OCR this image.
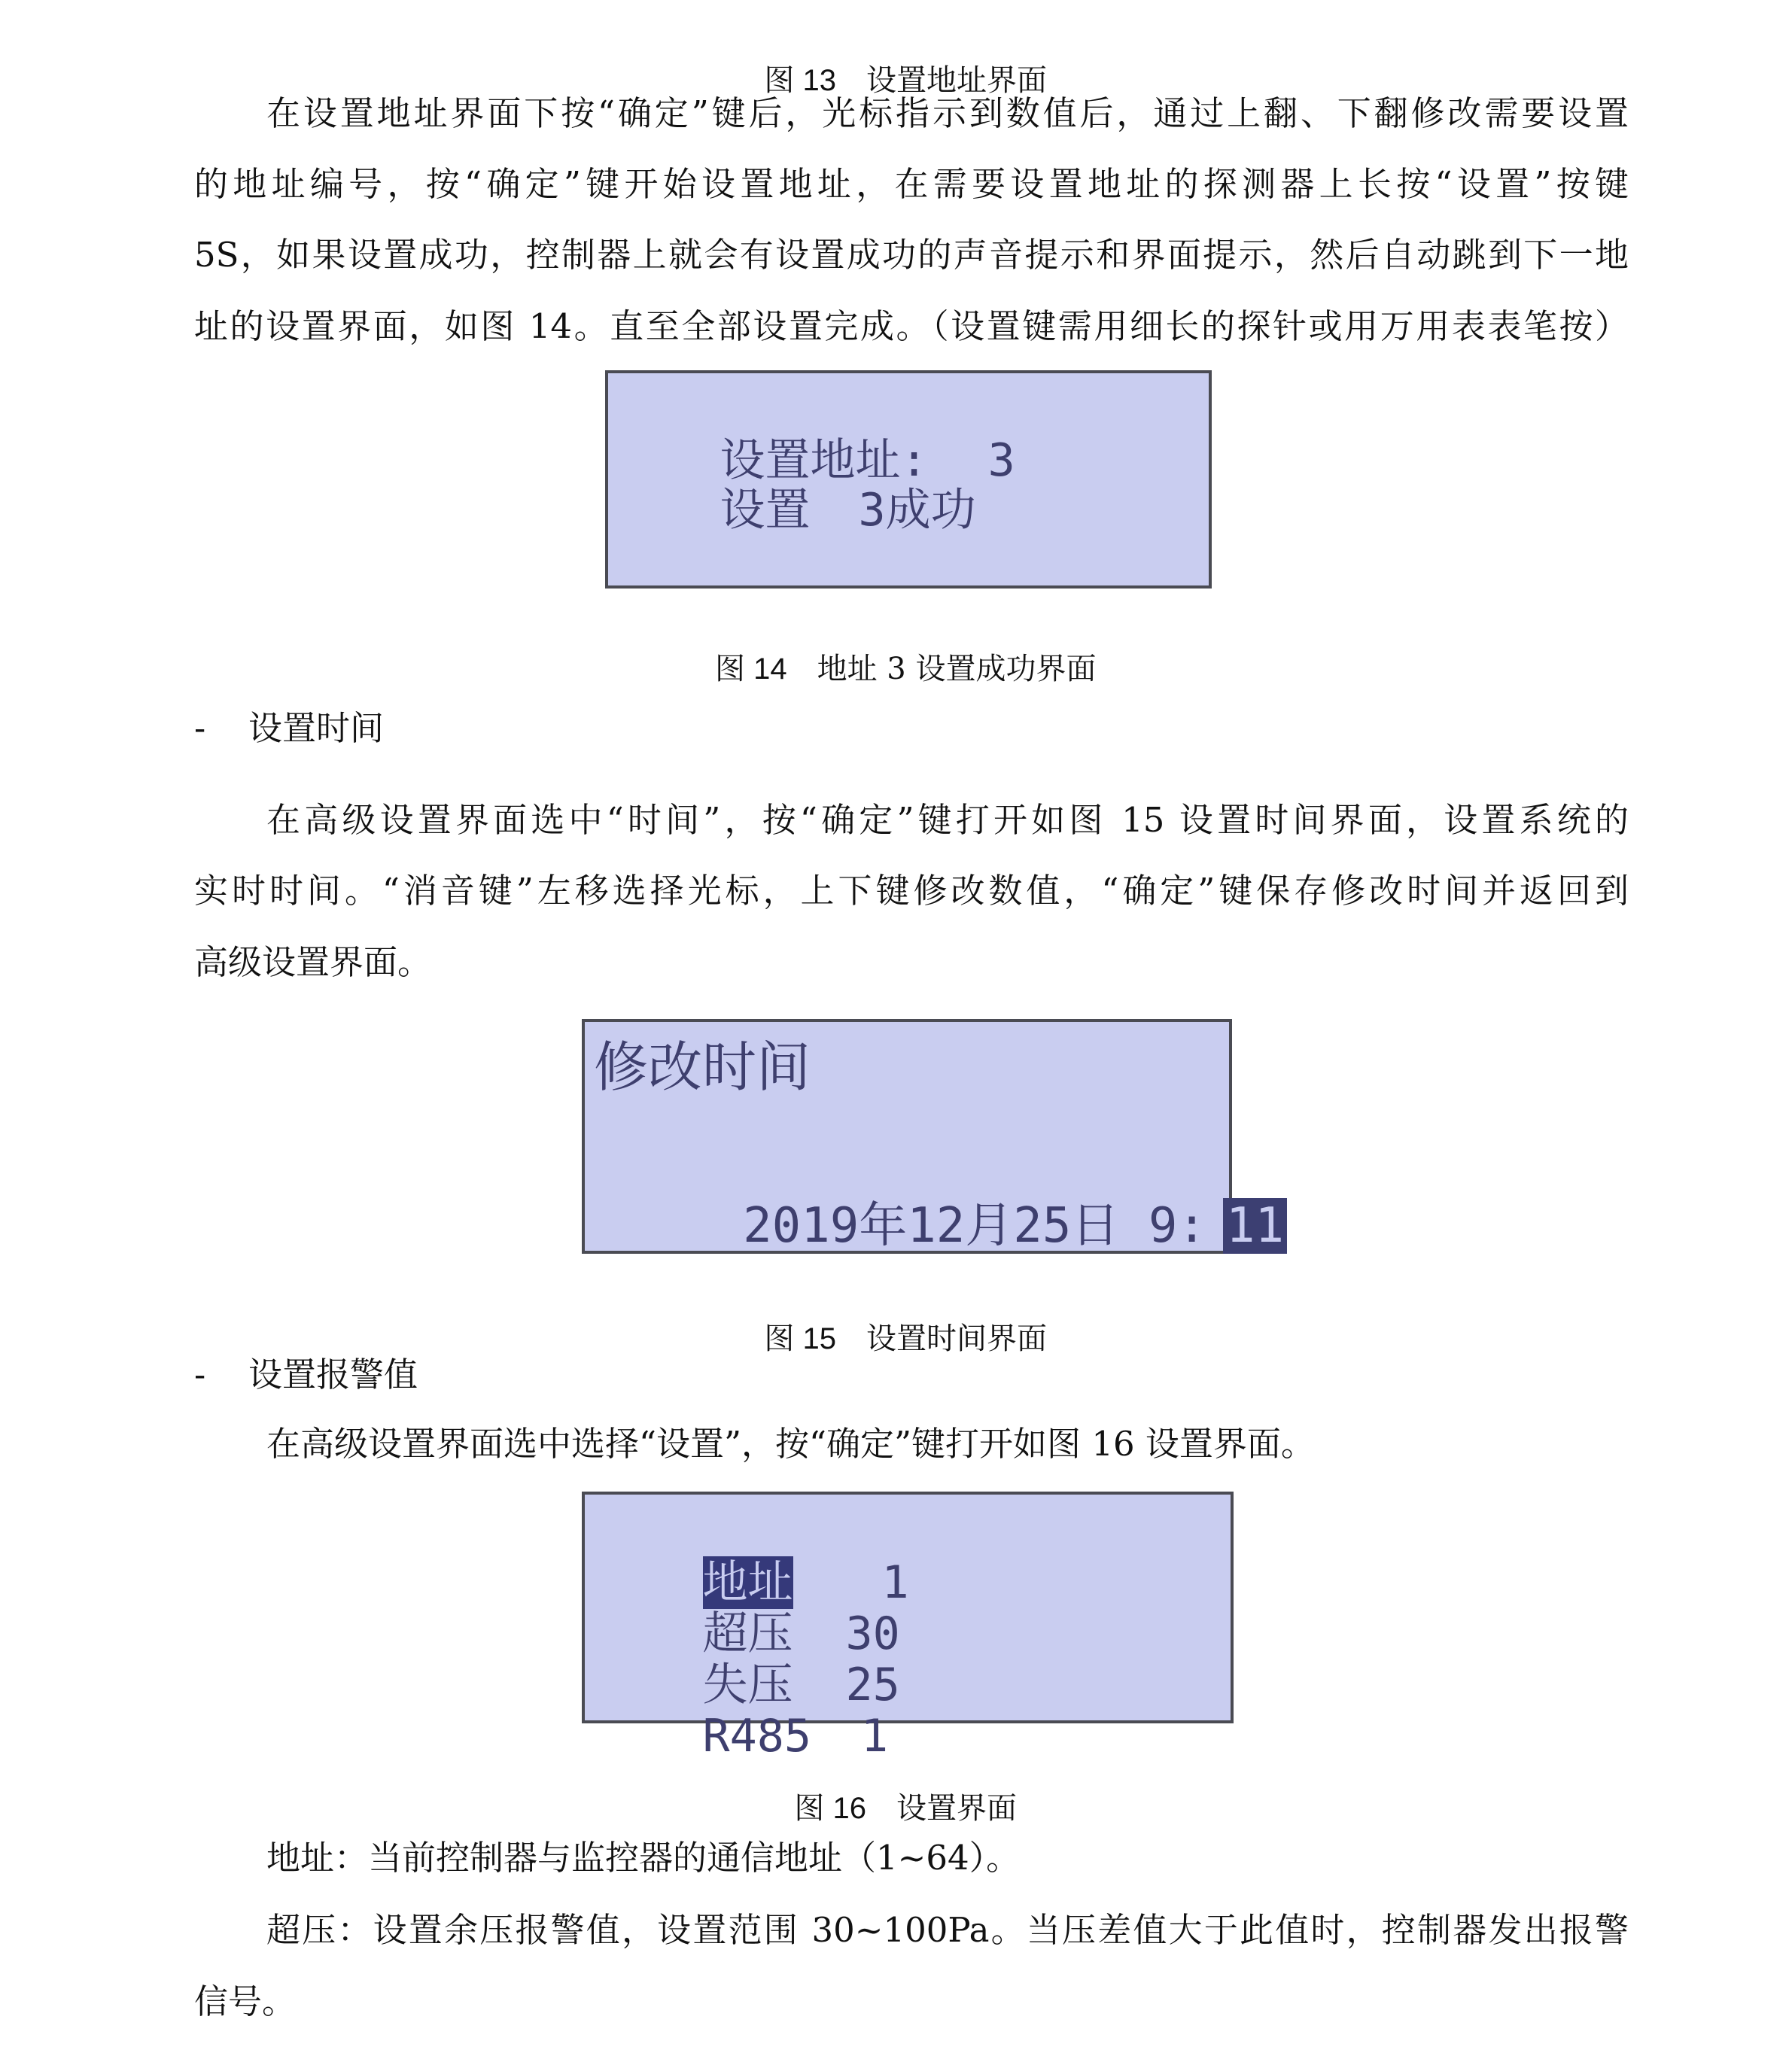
图 13　 设置地址界面

在设置地址界面下按“确定”键后，光标指示到数值后，通过上翻、下翻修改需要设置
的地址编号，按“确定”键开始设置地址，在需要设置地址的探测器上长按“设置”按键
5S，如果设置成功，控制器上就会有设置成功的声音提示和界面提示，然后自动跳到下一地
址的设置界面，如图 14。直至全部设置完成。（设置键需用细长的探针或用万用表表笔按）

设置地址: 3

设置 3成功

图 14　 地址 3 设置成功界面

- 设置时间
在高级设置界面选中“时间”，按“确定”键打开如图 15 设置时间界面，设置系统的
实时时间。“消音键”左移选择光标，上下键修改数值，“确定”键保存修改时间并返回到
高级设置界面。
修改时间

2019年12月25日 9: 11

图 15　 设置时间界面

- 设置报警值
在高级设置界面选中选择“设置”，按“确定”键打开如图 16 设置界面。

地址 1

超压 30

失压 25

R485 1

图 16　 设置界面

地址：当前控制器与监控器的通信地址（1~64）。
超压：设置余压报警值，设置范围 30~100Pa。当压差值大于此值时，控制器发出报警
信号。
